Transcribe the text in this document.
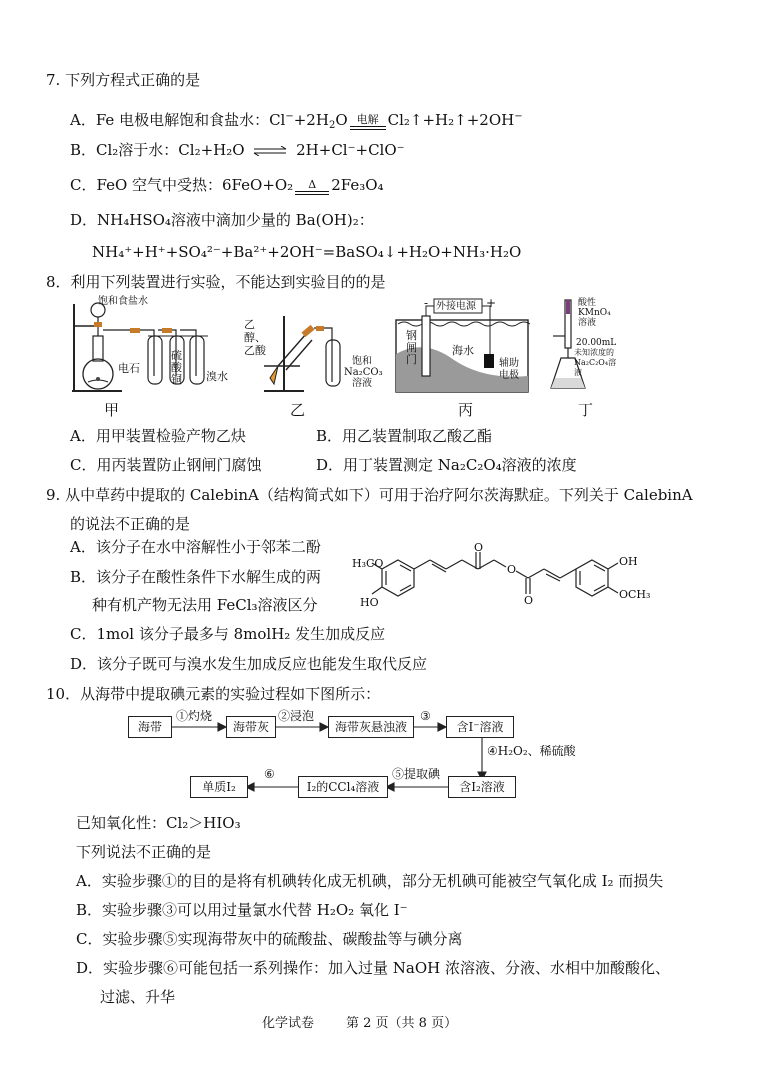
7. 下列方程式正确的是
A．Fe 电极电解饱和食盐水：$Cl^-+2H_2O$ 电解 Cl₂↑+H₂↑+2OH−
B．Cl₂溶于水：Cl₂+H₂O ⇌ 2H+Cl⁻+ClO⁻
C．FeO 空气中受热：6FeO+O₂	Δ	2Fe₃O₄
D．NH₄HSO₄溶液中滴加少量的 Ba(OH)₂：
NH₄⁺+H⁺+SO₄²⁻+Ba²⁺+2OH⁻=BaSO₄↓+H₂O+NH₃·H₂O
8．利用下列装置进行实验，不能达到实验目的的是
饱和食盐水
电石
硫酸铜 溴水
乙醇、乙酸
饱和 Na₂CO₃ 溶液
- 外接电源 +
钢闸门
海水
辅助电极
酸性 KMnO₄ 溶液
20.00mL
未知浓度的 Na₂C₂O₄溶液
甲	乙	丙	丁
A．用甲装置检验产物乙炔	B．用乙装置制取乙酸乙酯
C．用丙装置防止钢闸门腐蚀	D．用丁装置测定 Na₂C₂O₄溶液的浓度
9. 从中草药中提取的 CalebinA（结构简式如下）可用于治疗阿尔茨海默症。下列关于 CalebinA
的说法不正确的是
A．该分子在水中溶解性小于邻苯二酚
B．该分子在酸性条件下水解生成的两
种有机产物无法用 FeCl₃溶液区分
C．1mol 该分子最多与 8molH₂ 发生加成反应
D．该分子既可与溴水发生加成反应也能发生取代反应
H₃CO
HO
O
O
O
OH
OCH₃
10．从海带中提取碘元素的实验过程如下图所示：
海带
①灼烧
海带灰
②浸泡
海带灰悬浊液
③
含I⁻溶液
④H₂O₂、稀硫酸
含I₂溶液
⑤提取碘
I₂的CCl₄溶液
⑥
单质I₂
已知氧化性：Cl₂＞HIO₃
下列说法不正确的是
A．实验步骤①的目的是将有机碘转化成无机碘，部分无机碘可能被空气氧化成 I₂ 而损失
B．实验步骤③可以用过量氯水代替 H₂O₂ 氧化 I⁻
C．实验步骤⑤实现海带灰中的硫酸盐、碳酸盐等与碘分离
D．实验步骤⑥可能包括一系列操作：加入过量 NaOH 浓溶液、分液、水相中加酸酸化、
过滤、升华
化学试卷 第 2 页（共 8 页）
